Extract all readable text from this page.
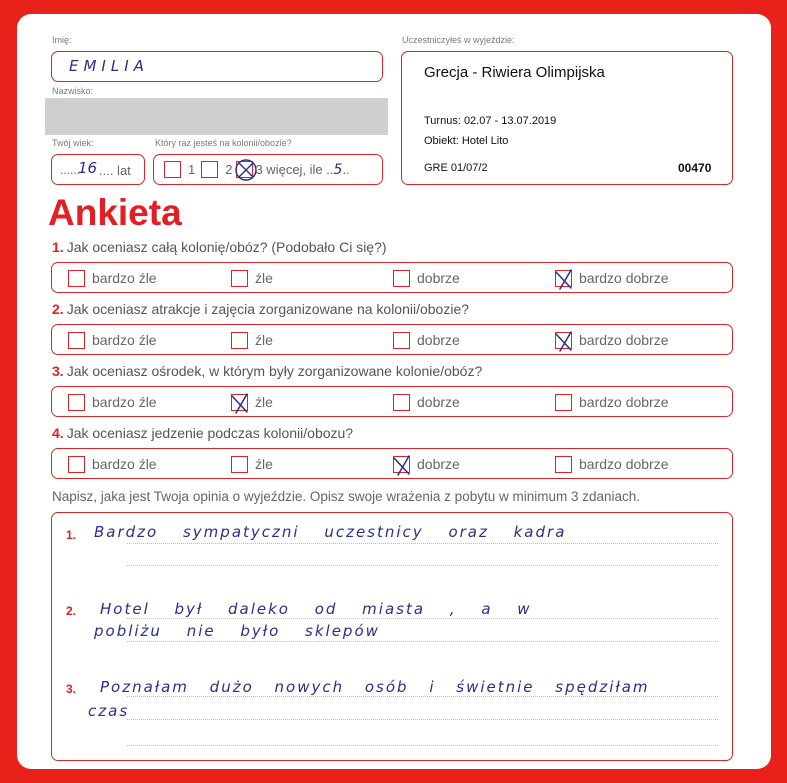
Imię:
EMILIA
Nazwisko:
Twój wiek:
......
16 .... lat
Który raz jesteś na kolonii/obozie?
1 2 3 więcej, ile .. 5 ..
Uczestniczyłeś w wyjeździe:
Grecja - Riwiera Olimpijska
Turnus: 02.07 - 13.07.2019
Obiekt: Hotel Lito
GRE 01/07/2	00470
Ankieta
1. Jak oceniasz całą kolonię/obóz? (Podobało Ci się?)
bardzo źle	źle	dobrze	bardzo dobrze
2. Jak oceniasz atrakcje i zajęcia zorganizowane na kolonii/obozie?
bardzo źle	źle	dobrze	bardzo dobrze
3. Jak oceniasz ośrodek, w którym były zorganizowane kolonie/obóz?
bardzo źle	źle	dobrze	bardzo dobrze
4. Jak oceniasz jedzenie podczas kolonii/obozu?
bardzo źle	źle	dobrze	bardzo dobrze
Napisz, jaka jest Twoja opinia o wyjeździe. Opisz swoje wrażenia z pobytu w minimum 3 zdaniach.
1. Bardzo sympatyczni uczestnicy oraz kadra
2. Hotel był daleko od miasta , a w
pobliżu nie było sklepów
3. Poznałam dużo nowych osób i świetnie spędziłam
czas
